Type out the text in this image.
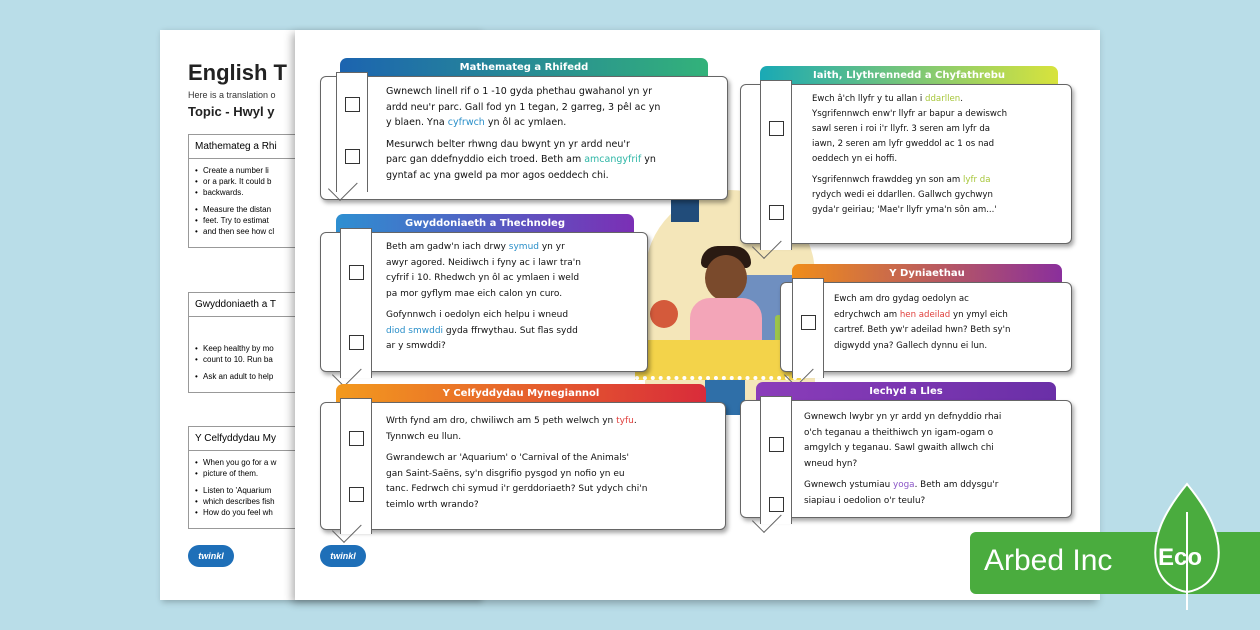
English T
Here is a translation o
Topic - Hwyl y
Mathemateg a Rhi
• Create a number li
• or a park. It could b
• backwards.
• Measure the distan
• feet. Try to estimat
• and then see how cl
Gwyddoniaeth a T
• Keep healthy by mo
• count to 10. Run ba
• Ask an adult to help
Y Celfyddydau My
• When you go for a w
• picture of them.
• Listen to 'Aquarium
• which describes fish
• How do you feel wh
twinkl
Mathemateg a Rhifedd

Gwnewch linell rif o 1 -10 gyda phethau gwahanol yn yr
ardd neu'r parc. Gall fod yn 1 tegan, 2 garreg, 3 pêl ac yn
y blaen. Yna cyfrwch yn ôl ac ymlaen.

Mesurwch belter rhwng dau bwynt yn yr ardd neu'r
parc gan ddefnyddio eich troed. Beth am amcangyfrif yn
gyntaf ac yna gweld pa mor agos oeddech chi.

Iaith, Llythrennedd a Chyfathrebu

Ewch â'ch llyfr y tu allan i ddarllen.
Ysgrifennwch enw'r llyfr ar bapur a dewiswch
sawl seren i roi i'r llyfr. 3 seren am lyfr da
iawn, 2 seren am lyfr gweddol ac 1 os nad
oeddech yn ei hoffi.

Ysgrifennwch frawddeg yn son am lyfr da
rydych wedi ei ddarllen. Gallwch gychwyn
gyda'r geiriau; 'Mae'r llyfr yma'n sôn am...'

Gwyddoniaeth a Thechnoleg

Beth am gadw'n iach drwy symud yn yr
awyr agored. Neidiwch i fyny ac i lawr tra'n
cyfrif i 10. Rhedwch yn ôl ac ymlaen i weld
pa mor gyflym mae eich calon yn curo.

Gofynnwch i oedolyn eich helpu i wneud
diod smwddi gyda ffrwythau. Sut flas sydd
ar y smwddi?

Y Dyniaethau

Ewch am dro gydag oedolyn ac
edrychwch am hen adeilad yn ymyl eich
cartref. Beth yw'r adeilad hwn? Beth sy'n
digwydd yna? Gallech dynnu ei lun.

Y Celfyddydau Mynegiannol

Wrth fynd am dro, chwiliwch am 5 peth welwch yn tyfu.
Tynnwch eu llun.

Gwrandewch ar 'Aquarium' o 'Carnival of the Animals'
gan Saint-Saëns, sy'n disgrifio pysgod yn nofio yn eu
tanc. Fedrwch chi symud i'r gerddoriaeth? Sut ydych chi'n
teimlo wrth wrando?

Iechyd a Lles

Gwnewch lwybr yn yr ardd yn defnyddio rhai
o'ch teganau a theithiwch yn igam-ogam o
amgylch y teganau. Sawl gwaith allwch chi
wneud hyn?

Gwnewch ystumiau yoga. Beth am ddysgu'r
siapiau i oedolion o'r teulu?

twinkl	Arbed Inc Eco
